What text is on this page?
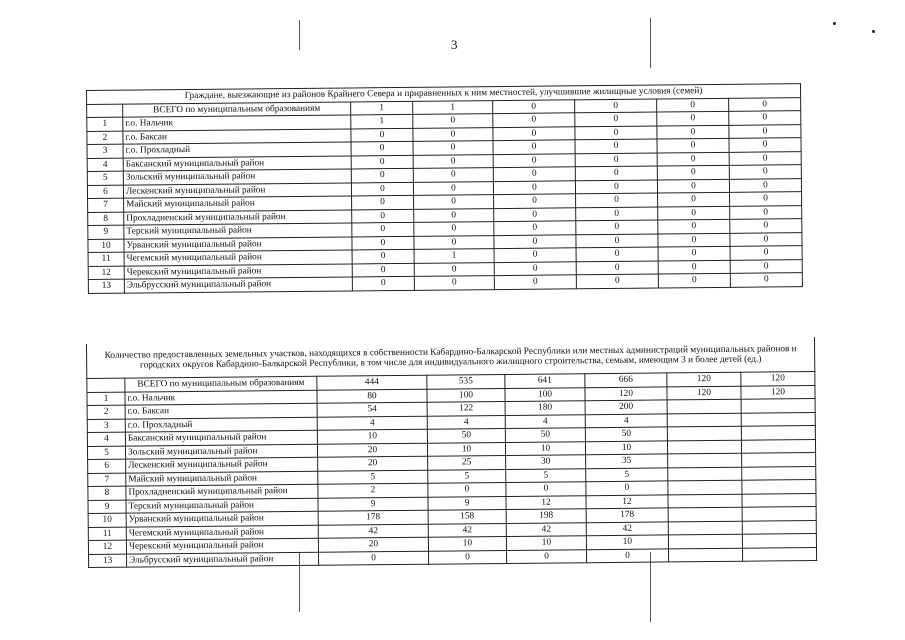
3
Граждане, выезжающие из районов Крайнего Севера и приравненных к ним местностей, улучшившие жилищные условия (семей)							
	ВСЕГО по муниципальным образованиям	1	1	0	0	0	0
1	г.о. Нальчик	1	0	0	0	0	0
2	г.о. Баксан	0	0	0	0	0	0
3	г.о. Прохладный	0	0	0	0	0	0
4	Баксанский муниципальный район	0	0	0	0	0	0
5	Зольский муниципальный район	0	0	0	0	0	0
6	Лескенский муниципальный район	0	0	0	0	0	0
7	Майский муниципальный район	0	0	0	0	0	0
8	Прохладненский муниципальный район	0	0	0	0	0	0
9	Терский муниципальный район	0	0	0	0	0	0
10	Урванский муниципальный район	0	0	0	0	0	0
11	Чегемский муниципальный район	0	1	0	0	0	0
12	Черекский муниципальный район	0	0	0	0	0	0
13	Эльбрусский муниципальный район	0	0	0	0	0	0
Количество предоставленных земельных участков, находящихся в собственности Кабардино-Балкарской Республики или местных администраций муниципальных районов и городских округов Кабардино-Балкарской Республики, в том числе для индивидуального жилищного строительства, семьям, имеющим 3 и более детей (ед.)							
	ВСЕГО по муниципальным образованиям	444	535	641	666	120	120
1	г.о. Нальчик	80	100	100	120	120	120
2	г.о. Баксан	54	122	180	200		
3	г.о. Прохладный	4	4	4	4		
4	Баксанский муниципальный район	10	50	50	50		
5	Зольский муниципальный район	20	10	10	10		
6	Лескенский муниципальный район	20	25	30	35		
7	Майский муниципальный район	5	5	5	5		
8	Прохладненский муниципальный район	2	0	0	0		
9	Терский муниципальный район	9	9	12	12		
10	Урванский муниципальный район	178	158	198	178		
11	Чегемский муниципальный район	42	42	42	42		
12	Черекский муниципальный район	20	10	10	10		
13	Эльбрусский муниципальный район	0	0	0	0		
